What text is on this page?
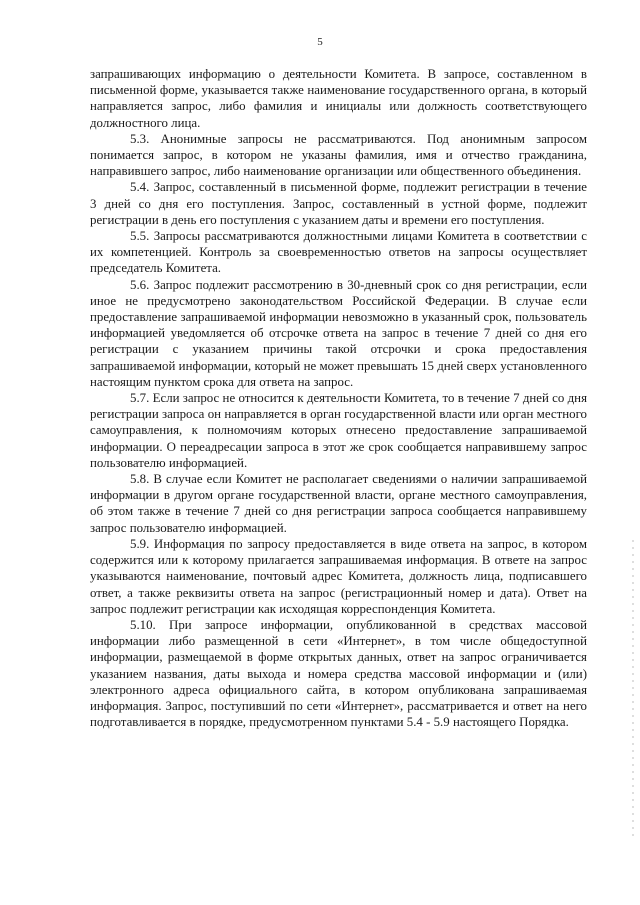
5

запрашивающих информацию о деятельности Комитета. В запросе, составленном в письменной форме, указывается также наименование государственного органа, в который направляется запрос, либо фамилия и инициалы или должность соответствующего должностного лица.

5.3. Анонимные запросы не рассматриваются. Под анонимным запросом понимается запрос, в котором не указаны фамилия, имя и отчество гражданина, направившего запрос, либо наименование организации или общественного объединения.

5.4. Запрос, составленный в письменной форме, подлежит регистрации в течение 3 дней со дня его поступления. Запрос, составленный в устной форме, подлежит регистрации в день его поступления с указанием даты и времени его поступления.

5.5. Запросы рассматриваются должностными лицами Комитета в соответствии с их компетенцией. Контроль за своевременностью ответов на запросы осуществляет председатель Комитета.

5.6. Запрос подлежит рассмотрению в 30-дневный срок со дня регистрации, если иное не предусмотрено законодательством Российской Федерации. В случае если предоставление запрашиваемой информации невозможно в указанный срок, пользователь информацией уведомляется об отсрочке ответа на запрос в течение 7 дней со дня его регистрации с указанием причины такой отсрочки и срока предоставления запрашиваемой информации, который не может превышать 15 дней сверх установленного настоящим пунктом срока для ответа на запрос.

5.7. Если запрос не относится к деятельности Комитета, то в течение 7 дней со дня регистрации запроса он направляется в орган государственной власти или орган местного самоуправления, к полномочиям которых отнесено предоставление запрашиваемой информации. О переадресации запроса в этот же срок сообщается направившему запрос пользователю информацией.

5.8. В случае если Комитет не располагает сведениями о наличии запрашиваемой информации в другом органе государственной власти, органе местного самоуправления, об этом также в течение 7 дней со дня регистрации запроса сообщается направившему запрос пользователю информацией.

5.9. Информация по запросу предоставляется в виде ответа на запрос, в котором содержится или к которому прилагается запрашиваемая информация. В ответе на запрос указываются наименование, почтовый адрес Комитета, должность лица, подписавшего ответ, а также реквизиты ответа на запрос (регистрационный номер и дата). Ответ на запрос подлежит регистрации как исходящая корреспонденция Комитета.

5.10. При запросе информации, опубликованной в средствах массовой информации либо размещенной в сети «Интернет», в том числе общедоступной информации, размещаемой в форме открытых данных, ответ на запрос ограничивается указанием названия, даты выхода и номера средства массовой информации и (или) электронного адреса официального сайта, в котором опубликована запрашиваемая информация. Запрос, поступивший по сети «Интернет», рассматривается и ответ на него подготавливается в порядке, предусмотренном пунктами 5.4 - 5.9 настоящего Порядка.
